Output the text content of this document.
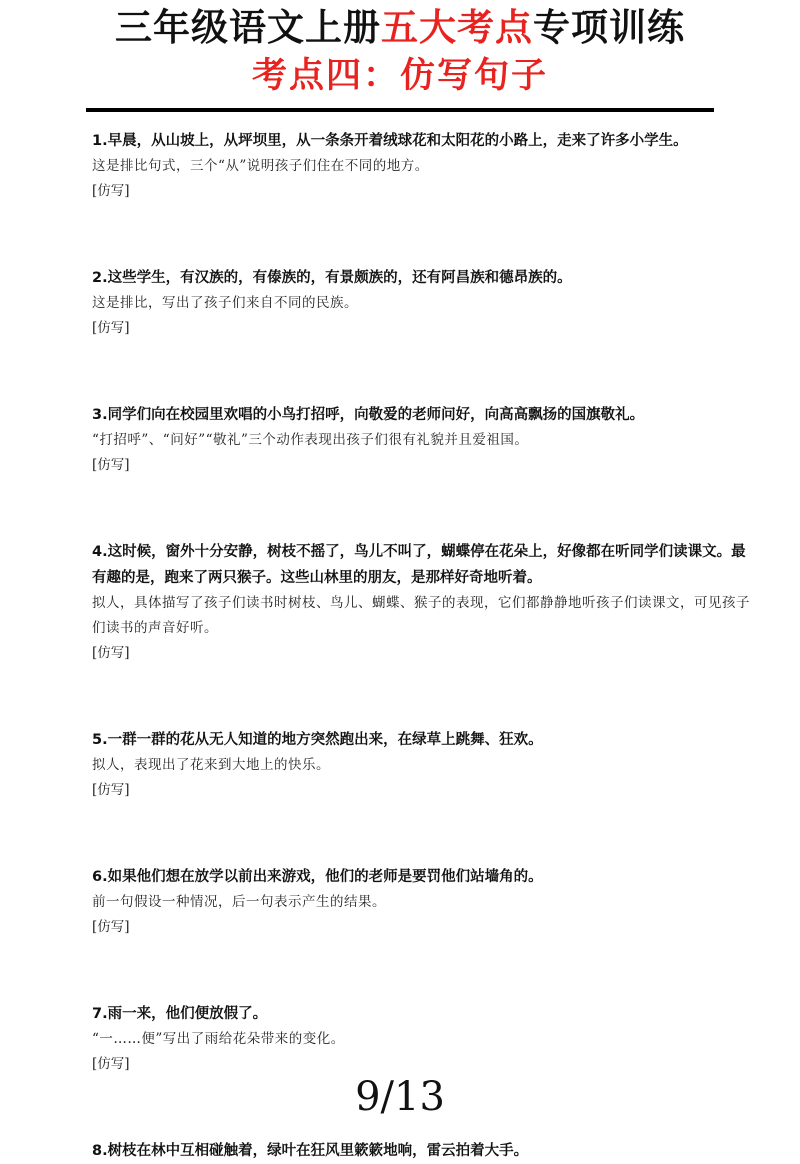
三年级语文上册五大考点专项训练
考点四：仿写句子

1.早晨，从山坡上，从坪坝里，从一条条开着绒球花和太阳花的小路上，走来了许多小学生。

这是排比句式，三个“从”说明孩子们住在不同的地方。

[仿写]

2.这些学生，有汉族的，有傣族的，有景颇族的，还有阿昌族和德昂族的。

这是排比，写出了孩子们来自不同的民族。

[仿写]

3.同学们向在校园里欢唱的小鸟打招呼，向敬爱的老师问好，向高高飘扬的国旗敬礼。

“打招呼”、“问好”“敬礼”三个动作表现出孩子们很有礼貌并且爱祖国。

[仿写]

4.这时候，窗外十分安静，树枝不摇了，鸟儿不叫了，蝴蝶停在花朵上，好像都在听同学们读课文。最有趣的是，跑来了两只猴子。这些山林里的朋友，是那样好奇地听着。

拟人，具体描写了孩子们读书时树枝、鸟儿、蝴蝶、猴子的表现，它们都静静地听孩子们读课文，可见孩子们读书的声音好听。

[仿写]

5.一群一群的花从无人知道的地方突然跑出来，在绿草上跳舞、狂欢。

拟人，表现出了花来到大地上的快乐。

[仿写]

6.如果他们想在放学以前出来游戏，他们的老师是要罚他们站墙角的。

前一句假设一种情况，后一句表示产生的结果。

[仿写]

7.雨一来，他们便放假了。

“一……便”写出了雨给花朵带来的变化。

[仿写]

8.树枝在林中互相碰触着，绿叶在狂风里簌簌地响，雷云拍着大手。

9/13
